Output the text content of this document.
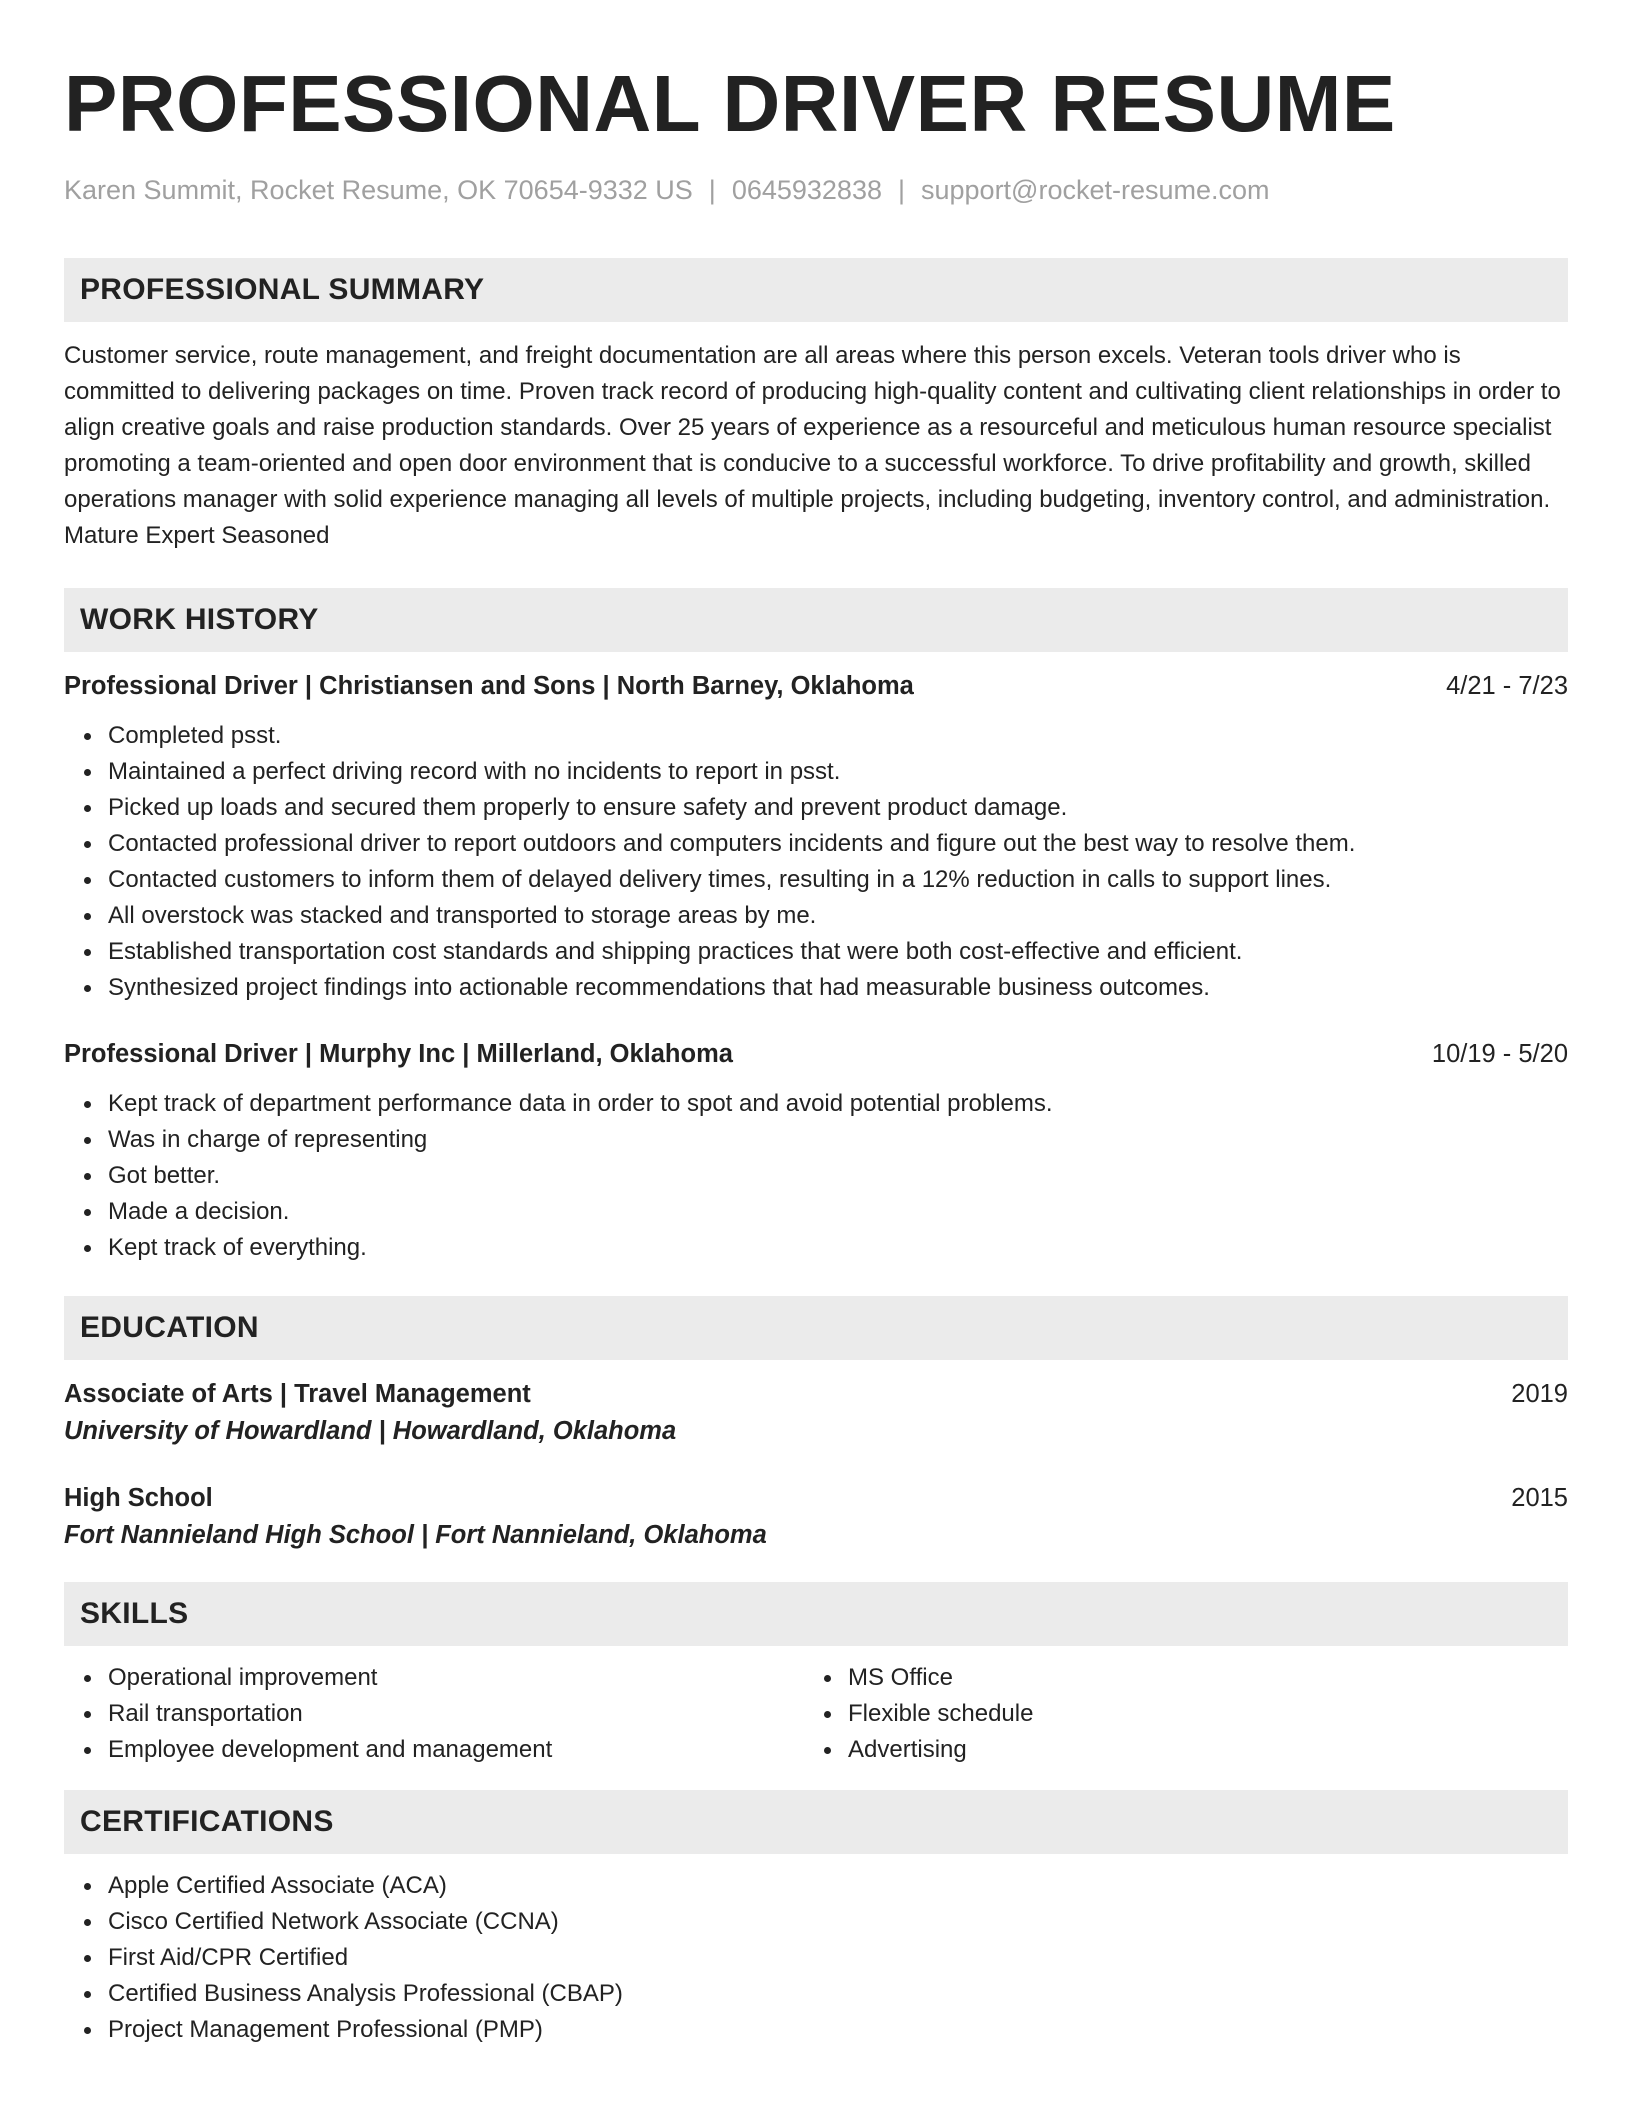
PROFESSIONAL DRIVER RESUME
Karen Summit, Rocket Resume, OK 70654-9332 US | 0645932838 | support@rocket-resume.com
PROFESSIONAL SUMMARY

Customer service, route management, and freight documentation are all areas where this person excels. Veteran tools driver who is committed to delivering packages on time. Proven track record of producing high-quality content and cultivating client relationships in order to align creative goals and raise production standards. Over 25 years of experience as a resourceful and meticulous human resource specialist promoting a team-oriented and open door environment that is conducive to a successful workforce. To drive profitability and growth, skilled operations manager with solid experience managing all levels of multiple projects, including budgeting, inventory control, and administration. Mature Expert Seasoned

WORK HISTORY
Professional Driver | Christiansen and Sons | North Barney, Oklahoma	4/21 - 7/23
Completed psst.
Maintained a perfect driving record with no incidents to report in psst.
Picked up loads and secured them properly to ensure safety and prevent product damage.
Contacted professional driver to report outdoors and computers incidents and figure out the best way to resolve them.
Contacted customers to inform them of delayed delivery times, resulting in a 12% reduction in calls to support lines.
All overstock was stacked and transported to storage areas by me.
Established transportation cost standards and shipping practices that were both cost-effective and efficient.
Synthesized project findings into actionable recommendations that had measurable business outcomes.
Professional Driver | Murphy Inc | Millerland, Oklahoma	10/19 - 5/20
Kept track of department performance data in order to spot and avoid potential problems.
Was in charge of representing
Got better.
Made a decision.
Kept track of everything.
EDUCATION
Associate of Arts | Travel Management	2019
University of Howardland | Howardland, Oklahoma
High School	2015
Fort Nannieland High School | Fort Nannieland, Oklahoma
SKILLS
Operational improvement
Rail transportation
Employee development and management
MS Office
Flexible schedule
Advertising
CERTIFICATIONS
Apple Certified Associate (ACA)
Cisco Certified Network Associate (CCNA)
First Aid/CPR Certified
Certified Business Analysis Professional (CBAP)
Project Management Professional (PMP)
